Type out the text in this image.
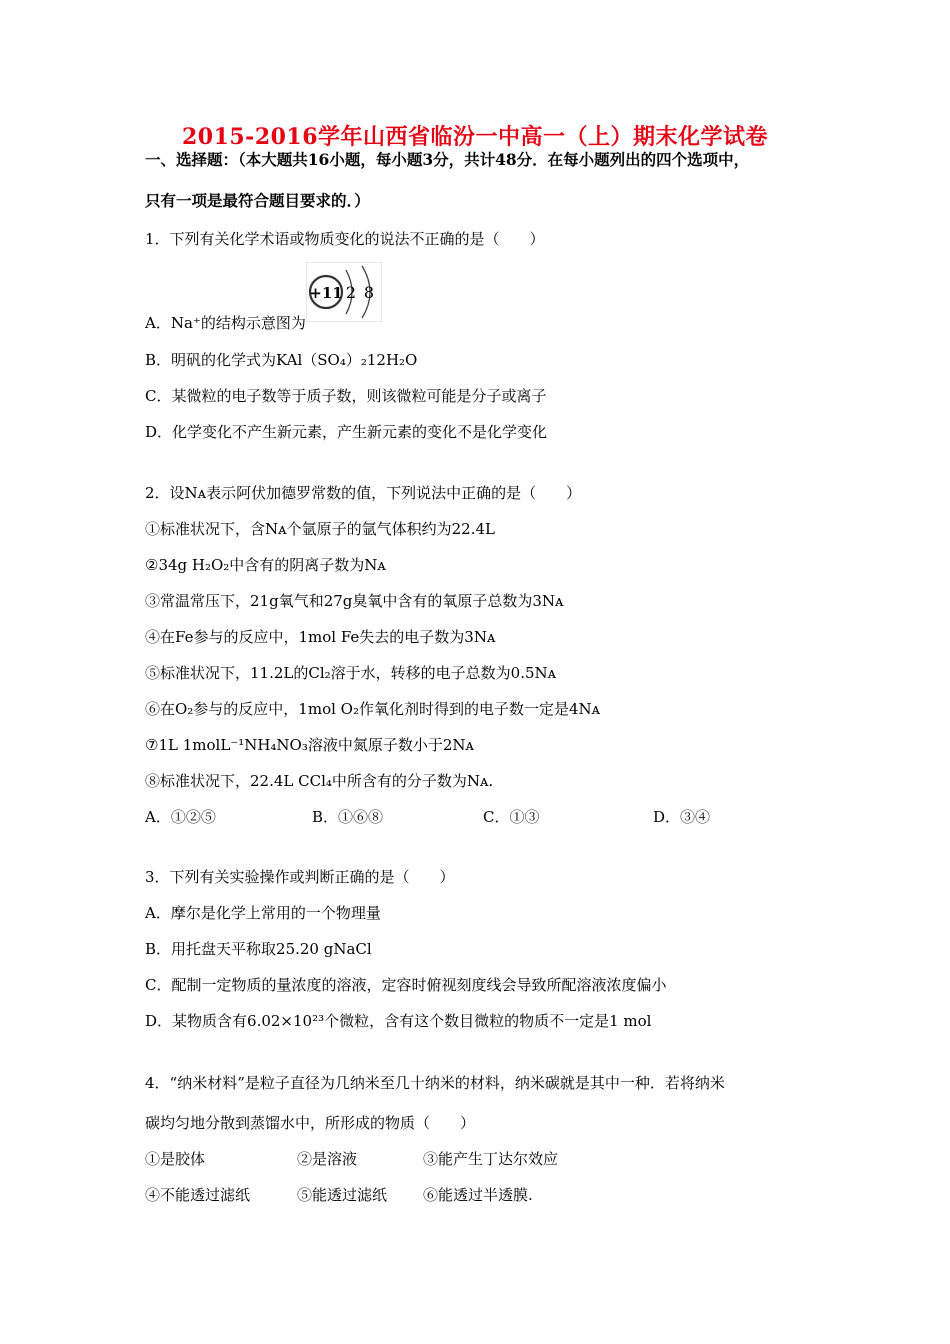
2015-2016学年山西省临汾一中高一（上）期末化学试卷
一、选择题：（本大题共16小题，每小题3分，共计48分．在每小题列出的四个选项中，
只有一项是最符合题目要求的．）
1．下列有关化学术语或物质变化的说法不正确的是（　　）
+11 2 8
A．Na⁺的结构示意图为
B．明矾的化学式为KAl（SO₄）₂12H₂O
C．某微粒的电子数等于质子数，则该微粒可能是分子或离子
D．化学变化不产生新元素，产生新元素的变化不是化学变化
2．设Nᴀ表示阿伏加德罗常数的值，下列说法中正确的是（　　）
①标准状况下，含Nᴀ个氩原子的氩气体积约为22.4L
②34g H₂O₂中含有的阴离子数为Nᴀ
③常温常压下，21g氧气和27g臭氧中含有的氧原子总数为3Nᴀ
④在Fe参与的反应中，1mol Fe失去的电子数为3Nᴀ
⑤标准状况下，11.2L的Cl₂溶于水，转移的电子总数为0.5Nᴀ
⑥在O₂参与的反应中，1mol O₂作氧化剂时得到的电子数一定是4Nᴀ
⑦1L 1molL⁻¹NH₄NO₃溶液中氮原子数小于2Nᴀ
⑧标准状况下，22.4L CCl₄中所含有的分子数为Nᴀ.
A．①②⑤	B．①⑥⑧	C．①③	D．③④
3．下列有关实验操作或判断正确的是（　　）
A．摩尔是化学上常用的一个物理量
B．用托盘天平称取25.20 gNaCl
C．配制一定物质的量浓度的溶液，定容时俯视刻度线会导致所配溶液浓度偏小
D．某物质含有6.02×10²³个微粒，含有这个数目微粒的物质不一定是1 mol
4．“纳米材料”是粒子直径为几纳米至几十纳米的材料，纳米碳就是其中一种．若将纳米
碳均匀地分散到蒸馏水中，所形成的物质（　　）
①是胶体	②是溶液	③能产生丁达尔效应
④不能透过滤纸	⑤能透过滤纸 ⑥能透过半透膜.
